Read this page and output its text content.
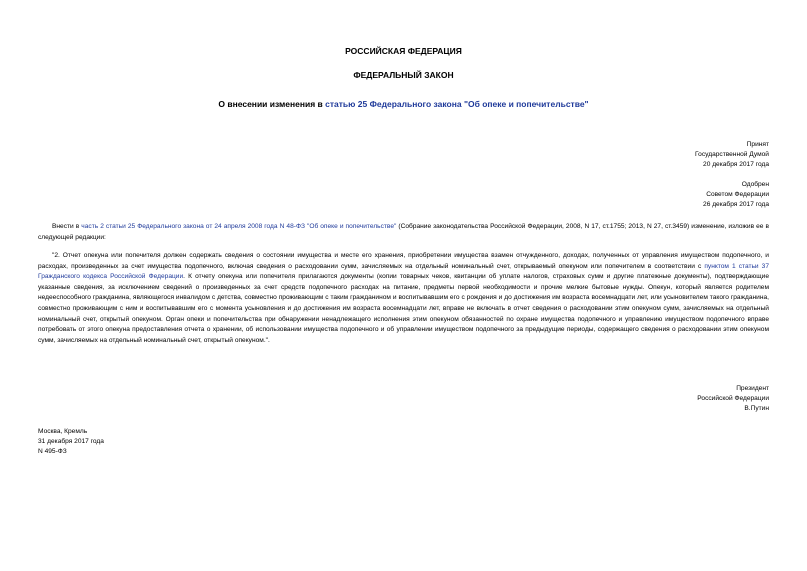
РОССИЙСКАЯ ФЕДЕРАЦИЯ
ФЕДЕРАЛЬНЫЙ ЗАКОН
О внесении изменения в статью 25 Федерального закона "Об опеке и попечительстве"
Принят
Государственной Думой
20 декабря 2017 года
Одобрен
Советом Федерации
26 декабря 2017 года
Внести в часть 2 статьи 25 Федерального закона от 24 апреля 2008 года N 48-ФЗ "Об опеке и попечительстве" (Собрание законодательства Российской Федерации, 2008, N 17, ст.1755; 2013, N 27, ст.3459) изменение, изложив ее в следующей редакции:
"2. Отчет опекуна или попечителя должен содержать сведения о состоянии имущества и месте его хранения, приобретении имущества взамен отчужденного, доходах, полученных от управления имуществом подопечного, и расходах, произведенных за счет имущества подопечного, включая сведения о расходовании сумм, зачисляемых на отдельный номинальный счет, открываемый опекуном или попечителем в соответствии с пунктом 1 статьи 37 Гражданского кодекса Российской Федерации. К отчету опекуна или попечителя прилагаются документы (копии товарных чеков, квитанции об уплате налогов, страховых сумм и другие платежные документы), подтверждающие указанные сведения, за исключением сведений о произведенных за счет средств подопечного расходах на питание, предметы первой необходимости и прочие мелкие бытовые нужды. Опекун, который является родителем недееспособного гражданина, являющегося инвалидом с детства, совместно проживающим с таким гражданином и воспитывавшим его с рождения и до достижения им возраста восемнадцати лет, или усыновителем такого гражданина, совместно проживающим с ним и воспитывавшим его с момента усыновления и до достижения им возраста восемнадцати лет, вправе не включать в отчет сведения о расходовании этим опекуном сумм, зачисляемых на отдельный номинальный счет, открытый опекуном. Орган опеки и попечительства при обнаружении ненадлежащего исполнения этим опекуном обязанностей по охране имущества подопечного и управлению имуществом подопечного вправе потребовать от этого опекуна предоставления отчета о хранении, об использовании имущества подопечного и об управлении имуществом подопечного за предыдущие периоды, содержащего сведения о расходовании этим опекуном сумм, зачисляемых на отдельный номинальный счет, открытый опекуном.".
Президент
Российской Федерации
В.Путин
Москва, Кремль
31 декабря 2017 года
N 495-ФЗ
